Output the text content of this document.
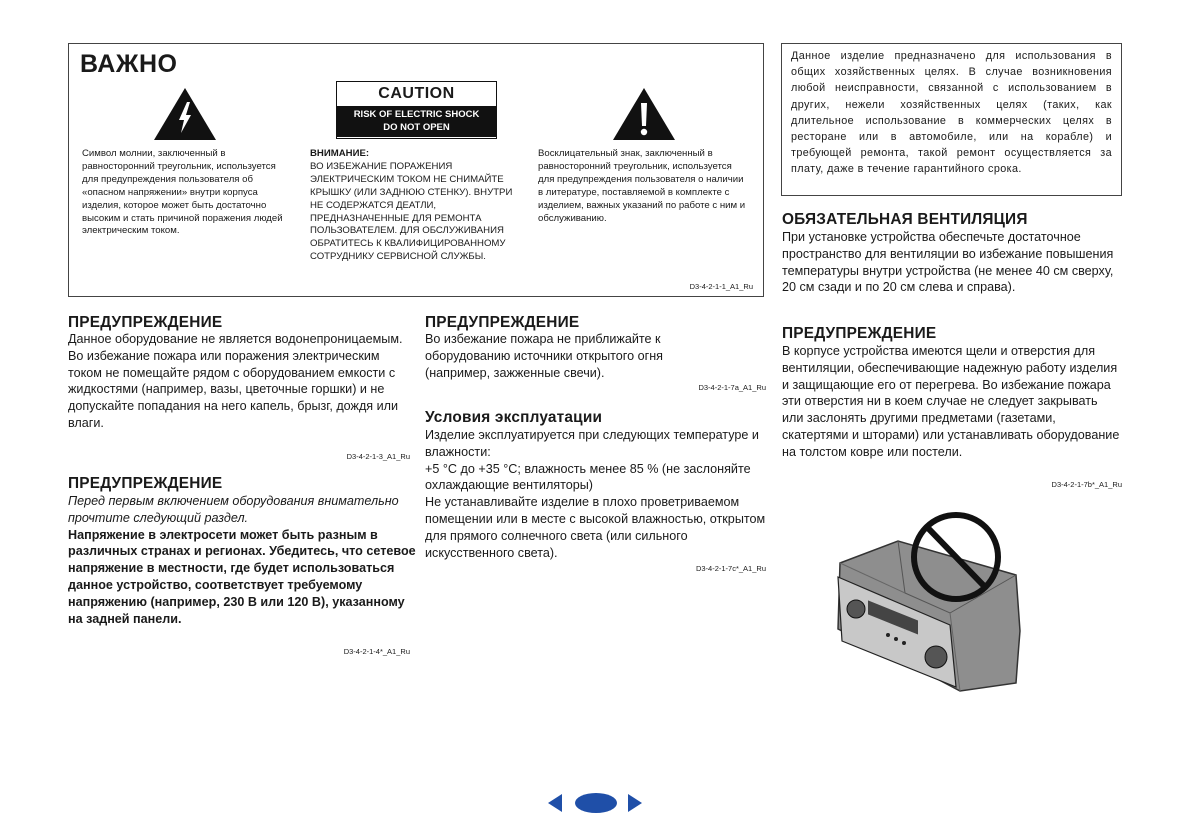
ВАЖНО
CAUTION
RISK OF ELECTRIC SHOCK
DO NOT OPEN
Символ молнии, заключенный в равносторонний треугольник, используется для предупреждения пользователя об «опасном напряжении» внутри корпуса изделия, которое может быть достаточно высоким и стать причиной поражения людей электрическим током.
ВНИМАНИЕ:
ВО ИЗБЕЖАНИЕ ПОРАЖЕНИЯ ЭЛЕКТРИЧЕСКИМ ТОКОМ НЕ СНИМАЙТЕ КРЫШКУ (ИЛИ ЗАДНЮЮ СТЕНКУ). ВНУТРИ НЕ СОДЕРЖАТСЯ ДЕАТЛИ, ПРЕДНАЗНАЧЕННЫЕ ДЛЯ РЕМОНТА ПОЛЬЗОВАТЕЛЕМ. ДЛЯ ОБСЛУЖИВАНИЯ ОБРАТИТЕСЬ К КВАЛИФИЦИРОВАННОМУ СОТРУДНИКУ СЕРВИСНОЙ СЛУЖБЫ.
Восклицательный знак, заключенный в равносторонний треугольник, используется для предупреждения пользователя о наличии в литературе, поставляемой в комплекте с изделием, важных указаний по работе с ним и обслуживанию.
D3-4-2-1-1_A1_Ru
Данное изделие предназначено для использования в общих хозяйственных целях. В случае возникновения любой неисправности, связанной с использованием в других, нежели хозяйственных целях (таких, как длительное использование в коммерческих целях в ресторане или в автомобиле, или на корабле) и требующей ремонта, такой ремонт осуществляется за плату, даже в течение гарантийного срока.
ПРЕДУПРЕЖДЕНИЕ
Данное оборудование не является водонепроницаемым. Во избежание пожара или поражения электрическим током не помещайте рядом с оборудованием емкости с жидкостями (например, вазы, цветочные горшки) и не допускайте попадания на него капель, брызг, дождя или влаги.
D3-4-2-1-3_A1_Ru
ПРЕДУПРЕЖДЕНИЕ
Перед первым включением оборудования внимательно прочтите следующий раздел.
Напряжение в электросети может быть разным в различных странах и регионах. Убедитесь, что сетевое напряжение в местности, где будет использоваться данное устройство, соответствует требуемому напряжению (например, 230 В или 120 В), указанному на задней панели.
D3-4-2-1-4*_A1_Ru
ПРЕДУПРЕЖДЕНИЕ
Во избежание пожара не приближайте к оборудованию источники открытого огня (например, зажженные свечи).
D3-4-2-1-7a_A1_Ru
Условия эксплуатации
Изделие эксплуатируется при следующих температуре и влажности:
+5 °C до +35 °C; влажность менее 85 % (не заслоняйте охлаждающие вентиляторы)
Не устанавливайте изделие в плохо проветриваемом помещении или в месте с высокой влажностью, открытом для прямого солнечного света (или сильного искусственного света).
D3-4-2-1-7c*_A1_Ru
ОБЯЗАТЕЛЬНАЯ ВЕНТИЛЯЦИЯ
При установке устройства обеспечьте достаточное пространство для вентиляции во избежание повышения температуры внутри устройства (не менее 40 см сверху, 20 см сзади и по 20 см слева и справа).
ПРЕДУПРЕЖДЕНИЕ
В корпусе устройства имеются щели и отверстия для вентиляции, обеспечивающие надежную работу изделия и защищающие его от перегрева. Во избежание пожара эти отверстия ни в коем случае не следует закрывать или заслонять другими предметами (газетами, скатертями и шторами) или устанавливать оборудование на толстом ковре или постели.
D3-4-2-1-7b*_A1_Ru
